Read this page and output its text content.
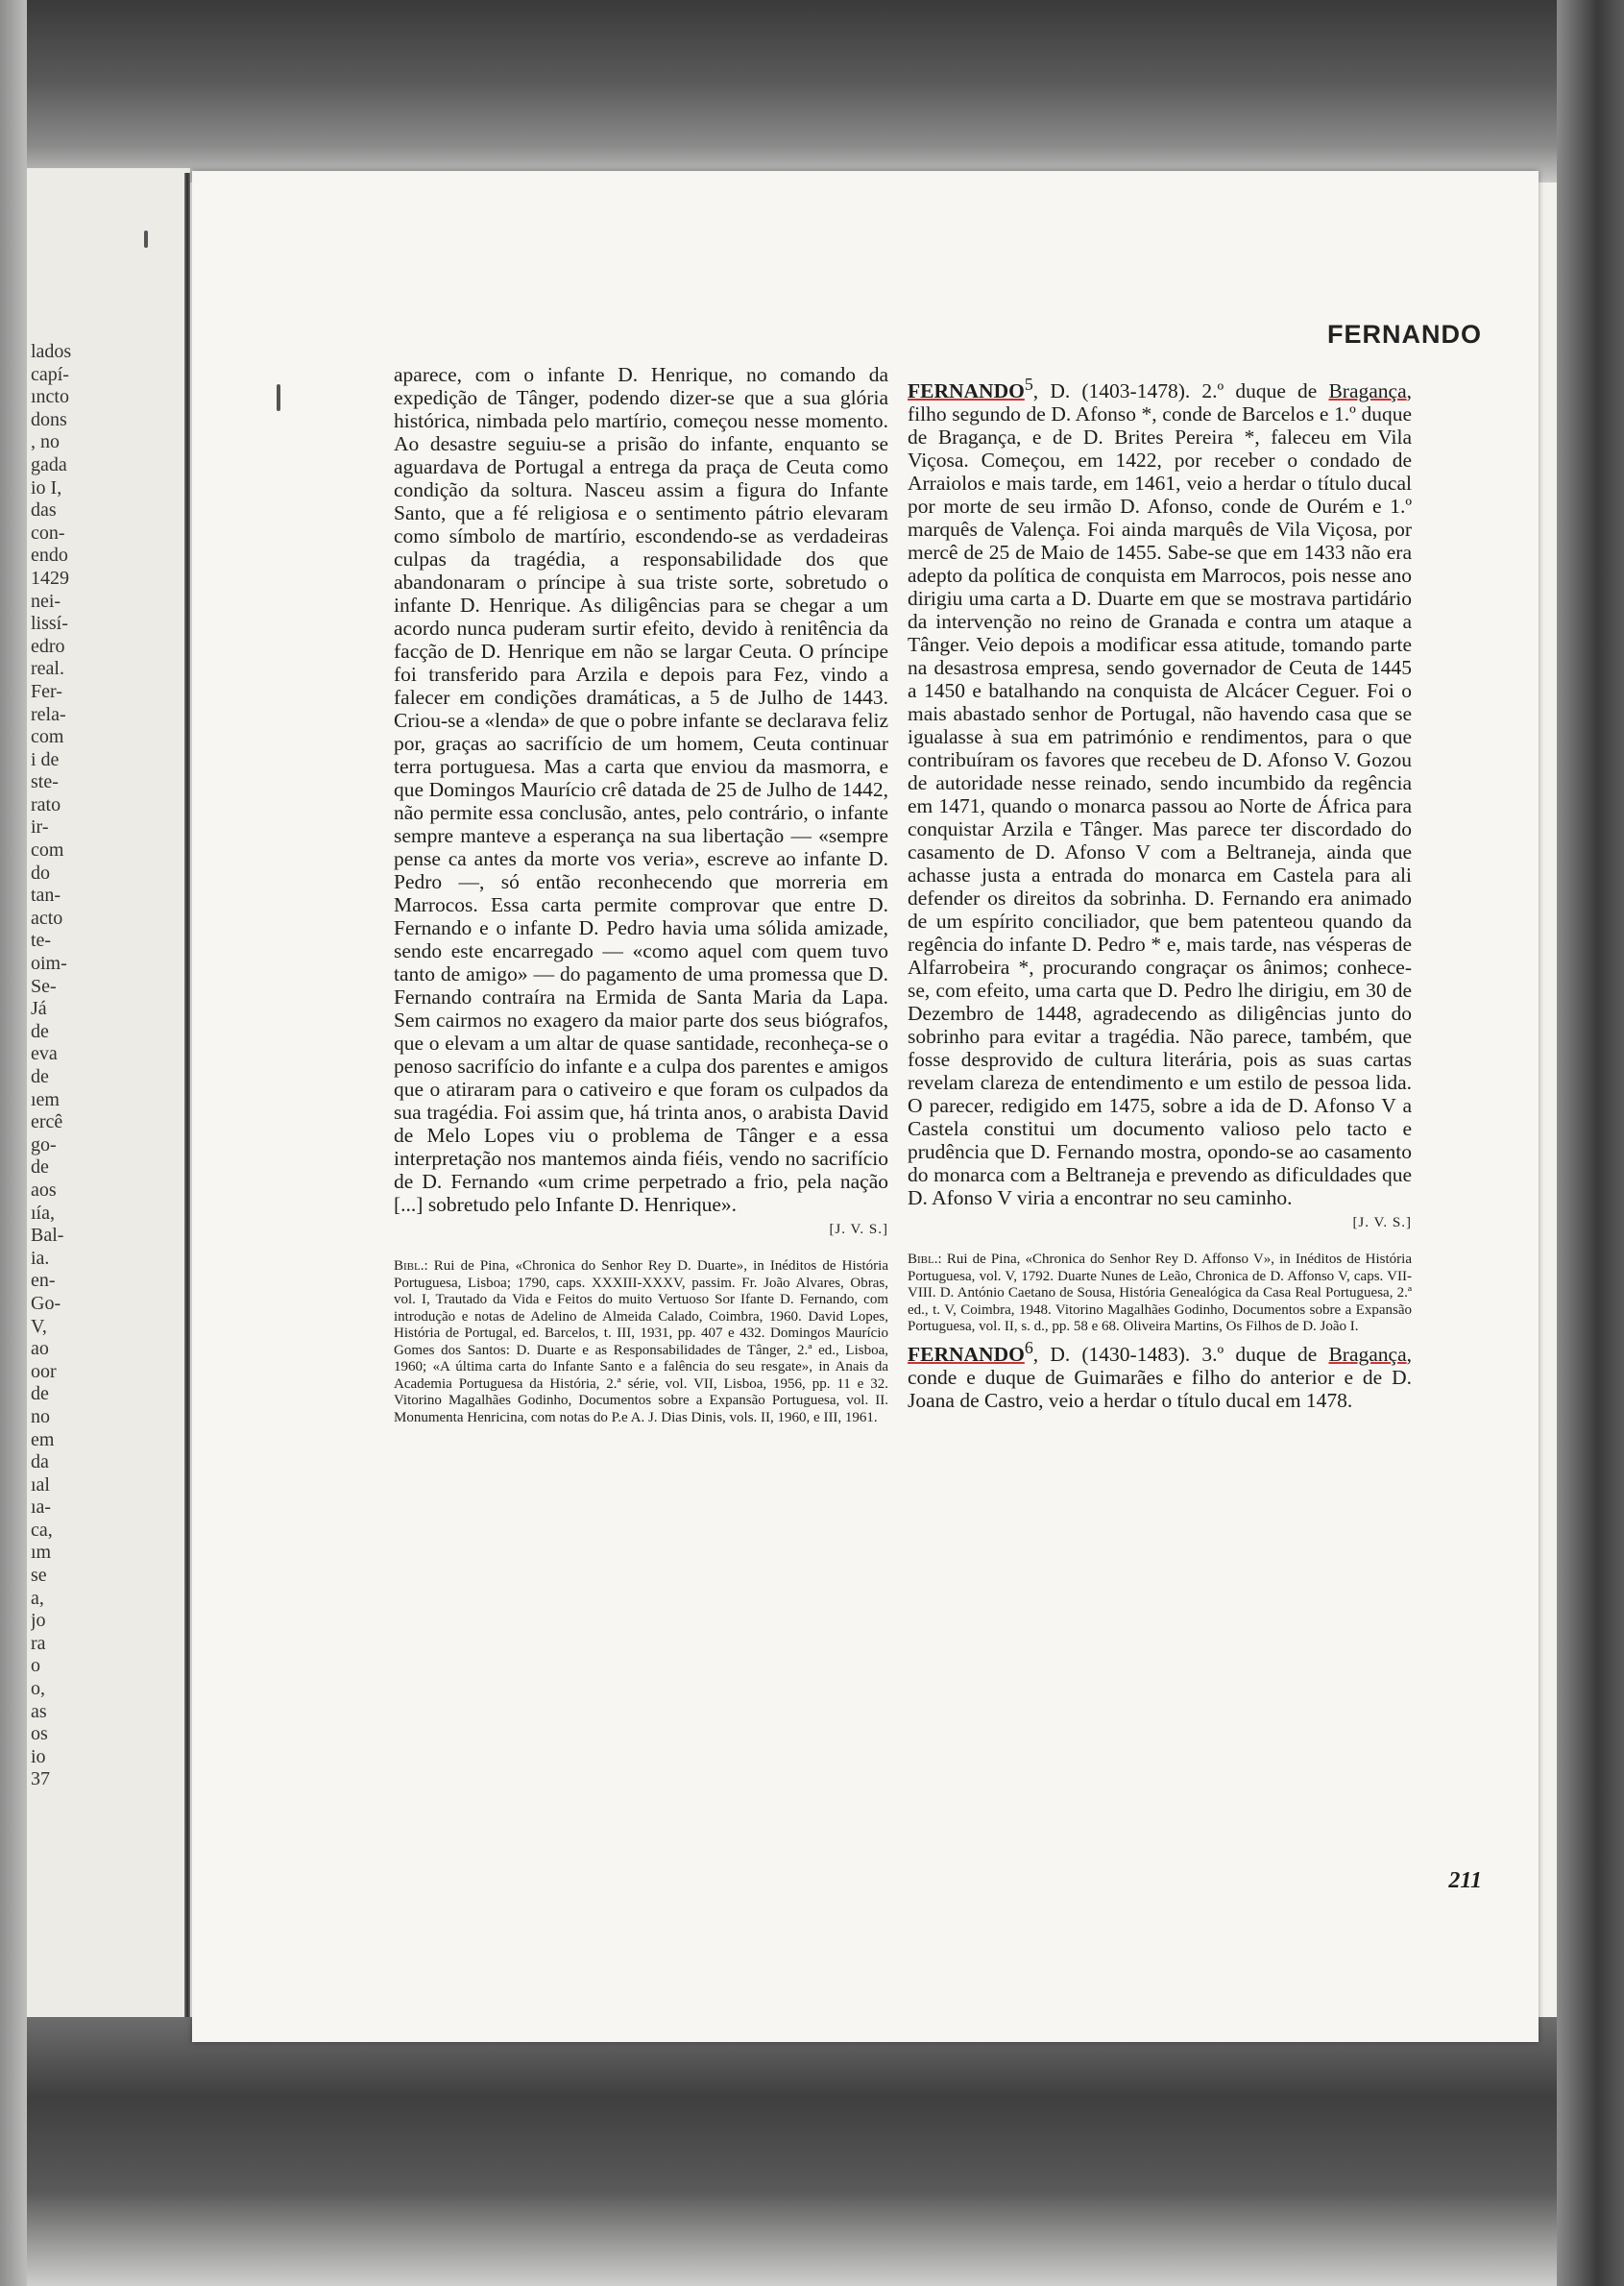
lados
capí-
ıncto
dons
, no
gada
io I,
das
con-
endo
1429
nei-
lissí-
edro
real.
Fer-
rela-
com
i de
ste-
rato
ir-
com
do
tan-
acto
te-
oim-
Se-
Já
de
eva
de
ıem
ercê
go-
de
aos
ıía,
Bal-
ia.
en-
Go-
V,
ao
oor
de
no
em
da
ıal
ıa-
ca,
ım
se
a,
jo
ra
o
o,
as
os
io
37
FERNANDO

aparece, com o infante D. Henrique, no comando da expedição de Tânger, podendo dizer-se que a sua glória histórica, nimbada pelo martírio, começou nesse momento. Ao desastre seguiu-se a prisão do infante, enquanto se aguardava de Portugal a entrega da praça de Ceuta como condição da soltura. Nasceu assim a figura do Infante Santo, que a fé religiosa e o sentimento pátrio elevaram como símbolo de martírio, escondendo-se as verdadeiras culpas da tragédia, a responsabilidade dos que abandonaram o príncipe à sua triste sorte, sobretudo o infante D. Henrique. As diligências para se chegar a um acordo nunca puderam surtir efeito, devido à renitência da facção de D. Henrique em não se largar Ceuta. O príncipe foi transferido para Arzila e depois para Fez, vindo a falecer em condições dramáticas, a 5 de Julho de 1443. Criou-se a «lenda» de que o pobre infante se declarava feliz por, graças ao sacrifício de um homem, Ceuta continuar terra portuguesa. Mas a carta que enviou da masmorra, e que Domingos Maurício crê datada de 25 de Julho de 1442, não permite essa conclusão, antes, pelo contrário, o infante sempre manteve a esperança na sua libertação — «sempre pense ca antes da morte vos veria», escreve ao infante D. Pedro —, só então reconhecendo que morreria em Marrocos. Essa carta permite comprovar que entre D. Fernando e o infante D. Pedro havia uma sólida amizade, sendo este encarregado — «como aquel com quem tuvo tanto de amigo» — do pagamento de uma promessa que D. Fernando contraíra na Ermida de Santa Maria da Lapa. Sem cairmos no exagero da maior parte dos seus biógrafos, que o elevam a um altar de quase santidade, reconheça-se o penoso sacrifício do infante e a culpa dos parentes e amigos que o atiraram para o cativeiro e que foram os culpados da sua tragédia. Foi assim que, há trinta anos, o arabista David de Melo Lopes viu o problema de Tânger e a essa interpretação nos mantemos ainda fiéis, vendo no sacrifício de D. Fernando «um crime perpetrado a frio, pela nação [...] sobretudo pelo Infante D. Henrique».

[J. V. S.]
Bibl.: Rui de Pina, «Chronica do Senhor Rey D. Duarte», in Inéditos de História Portuguesa, Lisboa; 1790, caps. XXXIII-XXXV, passim. Fr. João Alvares, Obras, vol. I, Trautado da Vida e Feitos do muito Vertuoso Sor Ifante D. Fernando, com introdução e notas de Adelino de Almeida Calado, Coimbra, 1960. David Lopes, História de Portugal, ed. Barcelos, t. III, 1931, pp. 407 e 432. Domingos Maurício Gomes dos Santos: D. Duarte e as Responsabilidades de Tânger, 2.ª ed., Lisboa, 1960; «A última carta do Infante Santo e a falência do seu resgate», in Anais da Academia Portuguesa da História, 2.ª série, vol. VII, Lisboa, 1956, pp. 11 e 32. Vitorino Magalhães Godinho, Documentos sobre a Expansão Portuguesa, vol. II. Monumenta Henricina, com notas do P.e A. J. Dias Dinis, vols. II, 1960, e III, 1961.

FERNANDO$^5$, D. (1403-1478). 2.º duque de Bragança, filho segundo de D. Afonso *, conde de Barcelos e 1.º duque de Bragança, e de D. Brites Pereira *, faleceu em Vila Viçosa. Começou, em 1422, por receber o condado de Arraiolos e mais tarde, em 1461, veio a herdar o título ducal por morte de seu irmão D. Afonso, conde de Ourém e 1.º marquês de Valença. Foi ainda marquês de Vila Viçosa, por mercê de 25 de Maio de 1455. Sabe-se que em 1433 não era adepto da política de conquista em Marrocos, pois nesse ano dirigiu uma carta a D. Duarte em que se mostrava partidário da intervenção no reino de Granada e contra um ataque a Tânger. Veio depois a modificar essa atitude, tomando parte na desastrosa empresa, sendo governador de Ceuta de 1445 a 1450 e batalhando na conquista de Alcácer Ceguer. Foi o mais abastado senhor de Portugal, não havendo casa que se igualasse à sua em património e rendimentos, para o que contribuíram os favores que recebeu de D. Afonso V. Gozou de autoridade nesse reinado, sendo incumbido da regência em 1471, quando o monarca passou ao Norte de África para conquistar Arzila e Tânger. Mas parece ter discordado do casamento de D. Afonso V com a Beltraneja, ainda que achasse justa a entrada do monarca em Castela para ali defender os direitos da sobrinha. D. Fernando era animado de um espírito conciliador, que bem patenteou quando da regência do infante D. Pedro * e, mais tarde, nas vésperas de Alfarrobeira *, procurando congraçar os ânimos; conhece-se, com efeito, uma carta que D. Pedro lhe dirigiu, em 30 de Dezembro de 1448, agradecendo as diligências junto do sobrinho para evitar a tragédia. Não parece, também, que fosse desprovido de cultura literária, pois as suas cartas revelam clareza de entendimento e um estilo de pessoa lida. O parecer, redigido em 1475, sobre a ida de D. Afonso V a Castela constitui um documento valioso pelo tacto e prudência que D. Fernando mostra, opondo-se ao casamento do monarca com a Beltraneja e prevendo as dificuldades que D. Afonso V viria a encontrar no seu caminho.

[J. V. S.]
Bibl.: Rui de Pina, «Chronica do Senhor Rey D. Affonso V», in Inéditos de História Portuguesa, vol. V, 1792. Duarte Nunes de Leão, Chronica de D. Affonso V, caps. VII-VIII. D. António Caetano de Sousa, História Genealógica da Casa Real Portuguesa, 2.ª ed., t. V, Coimbra, 1948. Vitorino Magalhães Godinho, Documentos sobre a Expansão Portuguesa, vol. II, s. d., pp. 58 e 68. Oliveira Martins, Os Filhos de D. João I.

FERNANDO$^6$, D. (1430-1483). 3.º duque de Bragança, conde e duque de Guimarães e filho do anterior e de D. Joana de Castro, veio a herdar o título ducal em 1478.

211
